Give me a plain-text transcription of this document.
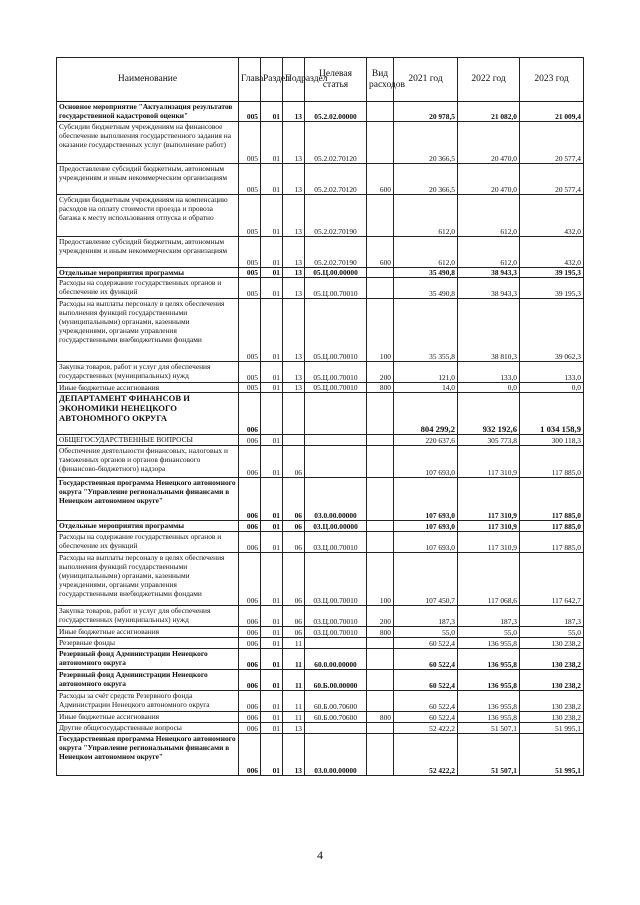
Наименование	Глава	Раздел	Подраздел	Целевая статья	Вид расходов	2021 год	2022 год	2023 год
Основное мероприятие "Актуализация результатов государственной кадастровой оценки"	005	01	13	05.2.02.00000		20 978,5	21 082,0	21 009,4
Субсидии бюджетным учреждениям на финансовое обеспечение выполнения государственного задания на оказание государственных услуг (выполнение работ)	005	01	13	05.2.02.70120		20 366,5	20 470,0	20 577,4
Предоставление субсидий бюджетным, автономным учреждениям и иным некоммерческим организациям	005	01	13	05.2.02.70120	600	20 366,5	20 470,0	20 577,4
Субсидии бюджетным учреждениям на компенсацию расходов на оплату стоимости проезда и провоза багажа к месту использования отпуска и обратно	005	01	13	05.2.02.70190		612,0	612,0	432,0
Предоставление субсидий бюджетным, автономным учреждениям и иным некоммерческим организациям	005	01	13	05.2.02.70190	600	612,0	612,0	432,0
Отдельные мероприятия программы	005	01	13	05.Ц.00.00000		35 490,8	38 943,3	39 195,3
Расходы на содержание государственных органов и обеспечение их функций	005	01	13	05.Ц.00.70010		35 490,8	38 943,3	39 195,3
Расходы на выплаты персоналу в целях обеспечения выполнения функций государственными (муниципальными) органами, казенными учреждениями, органами управления государственными внебюджетными фондами	005	01	13	05.Ц.00.70010	100	35 355,8	38 810,3	39 062,3
Закупка товаров, работ и услуг для обеспечения государственных (муниципальных) нужд	005	01	13	05.Ц.00.70010	200	121,0	133,0	133,0
Иные бюджетные ассигнования	005	01	13	05.Ц.00.70010	800	14,0	0,0	0,0
ДЕПАРТАМЕНТ ФИНАНСОВ И ЭКОНОМИКИ НЕНЕЦКОГО АВТОНОМНОГО ОКРУГА	006					804 299,2	932 192,6	1 034 158,9
ОБЩЕГОСУДАРСТВЕННЫЕ ВОПРОСЫ	006	01				220 637,6	305 773,8	300 118,3
Обеспечение деятельности финансовых, налоговых и таможенных органов и органов финансового (финансово-бюджетного) надзора	006	01	06			107 693,0	117 310,9	117 885,0
Государственная программа Ненецкого автономного округа "Управление региональными финансами в Ненецком автономном округе"	006	01	06	03.0.00.00000		107 693,0	117 310,9	117 885,0
Отдельные мероприятия программы	006	01	06	03.Ц.00.00000		107 693,0	117 310,9	117 885,0
Расходы на содержание государственных органов и обеспечение их функций	006	01	06	03.Ц.00.70010		107 693,0	117 310,9	117 885,0
Расходы на выплаты персоналу в целях обеспечения выполнения функций государственными (муниципальными) органами, казенными учреждениями, органами управления государственными внебюджетными фондами	006	01	06	03.Ц.00.70010	100	107 450,7	117 068,6	117 642,7
Закупка товаров, работ и услуг для обеспечения государственных (муниципальных) нужд	006	01	06	03.Ц.00.70010	200	187,3	187,3	187,3
Иные бюджетные ассигнования	006	01	06	03.Ц.00.70010	800	55,0	55,0	55,0
Резервные фонды	006	01	11			60 522,4	136 955,8	130 238,2
Резервный фонд Администрации Ненецкого автономного округа	006	01	11	60.0.00.00000		60 522,4	136 955,8	130 238,2
Резервный фонд Администрации Ненецкого автономного округа	006	01	11	60.Б.00.00000		60 522,4	136 955,8	130 238,2
Расходы за счёт средств Резервного фонда Администрации Ненецкого автономного округа	006	01	11	60.Б.00.70600		60 522,4	136 955,8	130 238,2
Иные бюджетные ассигнования	006	01	11	60.Б.00.70600	800	60 522,4	136 955,8	130 238,2
Другие общегосударственные вопросы	006	01	13			52 422,2	51 507,1	51 995,1
Государственная программа Ненецкого автономного округа "Управление региональными финансами в Ненецком автономном округе"	006	01	13	03.0.00.00000		52 422,2	51 507,1	51 995,1
4
